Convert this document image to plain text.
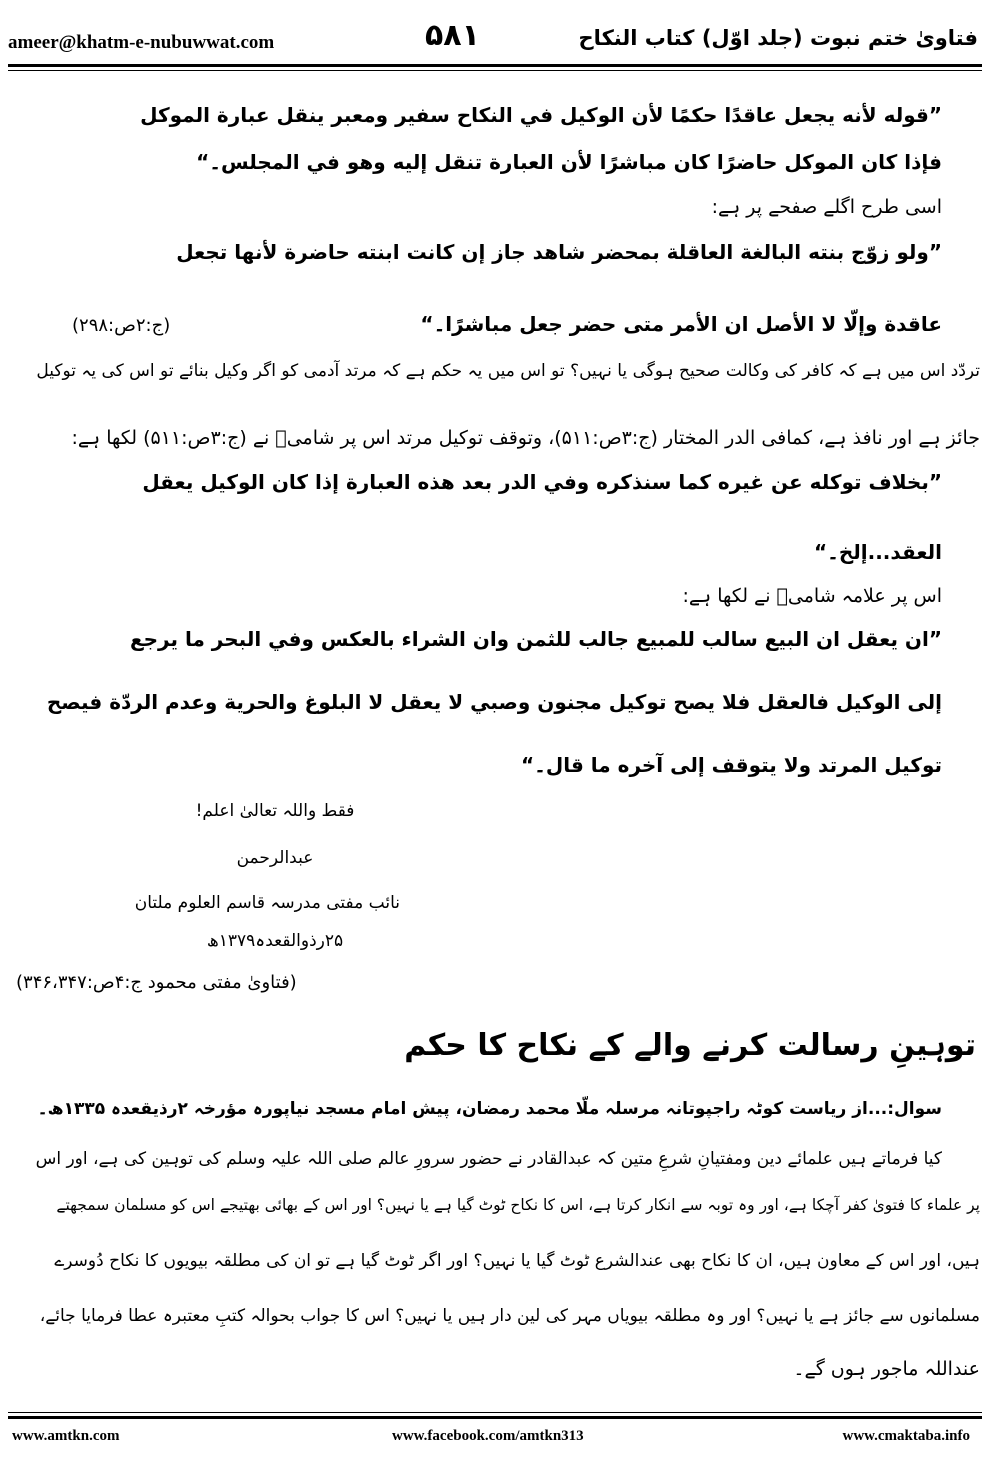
ameer@khatm-e-nubuwwat.com	۵۸۱	فتاویٰ ختم نبوت (جلد اوّل) کتاب النکاح
”قوله لأنه يجعل عاقدًا حكمًا لأن الوكيل في النكاح سفير ومعبر ينقل عبارة الموكل
فإذا كان الموكل حاضرًا كان مباشرًا لأن العبارة تنقل إليه وهو في المجلس۔“
اسی طرح اگلے صفحے پر ہے:
”ولو زوّج بنته البالغة العاقلة بمحضر شاهد جاز إن كانت ابنته حاضرة لأنها تجعل
عاقدة وإلّا لا الأصل ان الأمر متى حضر جعل مباشرًا۔“
(ج:۲ص:۲۹۸)
تردّد اس میں ہے کہ کافر کی وکالت صحیح ہوگی یا نہیں؟ تو اس میں یہ حکم ہے کہ مرتد آدمی کو اگر وکیل بنائے تو اس کی یہ توکیل
جائز ہے اور نافذ ہے، کمافی الدر المختار (ج:۳ص:۵۱۱)، وتوقف توکیل مرتد اس پر شامیؒ نے (ج:۳ص:۵۱۱) لکھا ہے:
”بخلاف توكله عن غيره كما سنذكره وفي الدر بعد هذه العبارة إذا كان الوكيل يعقل
العقد...إلخ۔“
اس پر علامہ شامیؒ نے لکھا ہے:
”ان يعقل ان البيع سالب للمبيع جالب للثمن وان الشراء بالعكس وفي البحر ما يرجع
إلى الوكيل فالعقل فلا يصح توكيل مجنون وصبي لا يعقل لا البلوغ والحرية وعدم الردّة فيصح
توكيل المرتد ولا يتوقف إلى آخره ما قال۔“
فقط واللہ تعالیٰ اعلم!
عبدالرحمن
نائب مفتی مدرسہ قاسم العلوم ملتان
۲۵رذوالقعدہ۱۳۷۹ھ
(فتاویٰ مفتی محمود ج:۴ص:۳۴۶،۳۴۷)
توہینِ رسالت کرنے والے کے نکاح کا حکم
سوال:...از ریاست کوٹہ راجپوتانہ مرسلہ ملّا محمد رمضان، پیش امام مسجد نیاپورہ مؤرخہ ۲رذیقعدہ ۱۳۳۵ھ۔
کیا فرماتے ہیں علمائے دین ومفتیانِ شرعِ متین کہ عبدالقادر نے حضور سرورِ عالم صلی اللہ علیہ وسلم کی توہین کی ہے، اور اس
پر علماء کا فتویٰ کفر آچکا ہے، اور وہ توبہ سے انکار کرتا ہے، اس کا نکاح ٹوٹ گیا ہے یا نہیں؟ اور اس کے بھائی بھتیجے اس کو مسلمان سمجھتے
ہیں، اور اس کے معاون ہیں، ان کا نکاح بھی عندالشرع ٹوٹ گیا یا نہیں؟ اور اگر ٹوٹ گیا ہے تو ان کی مطلقہ بیویوں کا نکاح دُوسرے
مسلمانوں سے جائز ہے یا نہیں؟ اور وہ مطلقہ بیویاں مہر کی لین دار ہیں یا نہیں؟ اس کا جواب بحوالہ کتبِ معتبرہ عطا فرمایا جائے،
عنداللہ ماجور ہوں گے۔
www.amtkn.com	www.facebook.com/amtkn313	www.cmaktaba.info
